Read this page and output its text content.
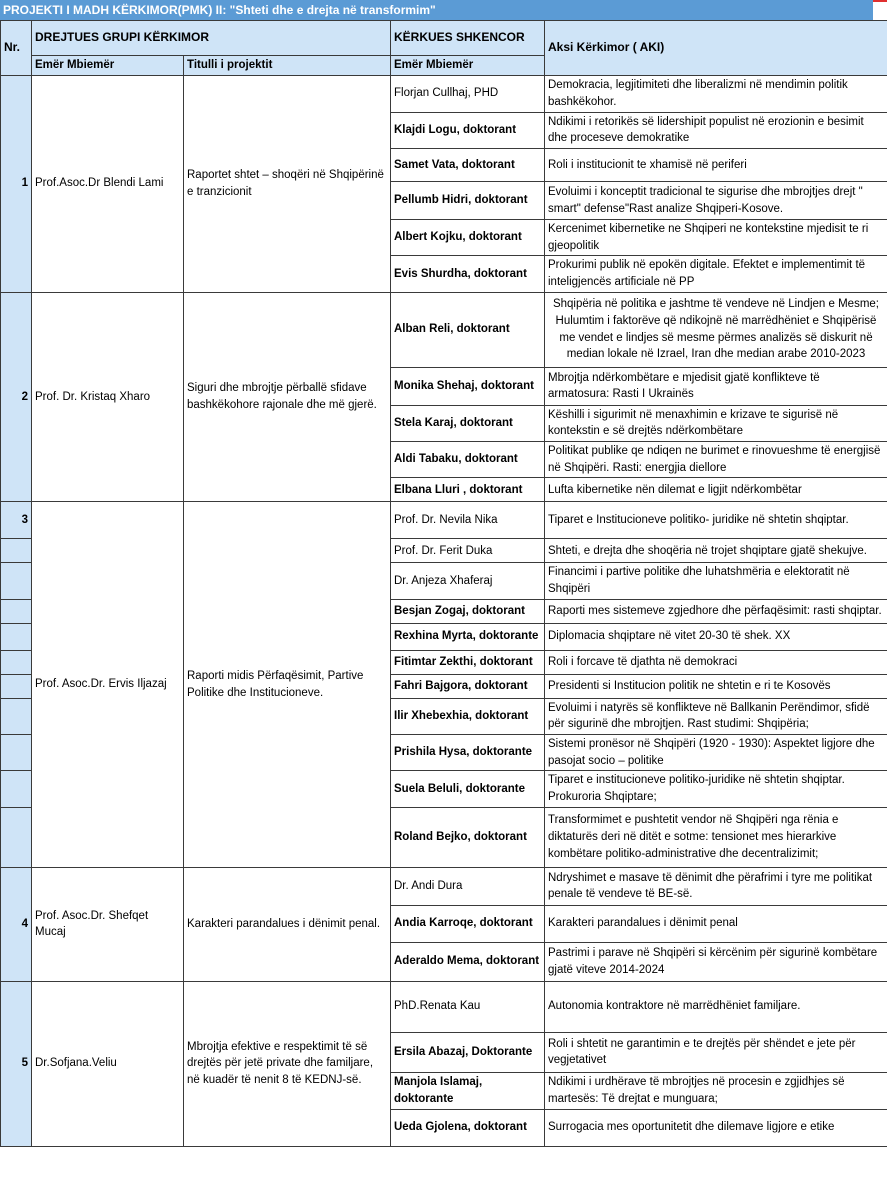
PROJEKTI I MADH KËRKIMOR(PMK) II: "Shteti dhe e drejta në transformim"
Nr.	DREJTUES GRUPI KËRKIMOR		KËRKUES SHKENCOR	Aksi Kërkimor ( AKI)
	Emër Mbiemër	Titulli i projektit	Emër Mbiemër	
1	Prof.Asoc.Dr Blendi Lami	Raportet shtet – shoqëri në Shqipërinë e tranzicionit	Florjan Cullhaj, PHD	Demokracia, legjitimiteti dhe liberalizmi në mendimin politik bashkëkohor.
			Klajdi Logu, doktorant	Ndikimi i retorikës së lidershipit populist në erozionin e besimit dhe proceseve demokratike
			Samet Vata, doktorant	Roli i institucionit te xhamisë në periferi
			Pellumb Hidri, doktorant	Evoluimi i konceptit tradicional te sigurise dhe mbrojtjes drejt " smart" defense"Rast analize Shqiperi-Kosove.
			Albert Kojku, doktorant	Kercenimet kibernetike ne Shqiperi ne kontekstine mjedisit te ri gjeopolitik
			Evis Shurdha, doktorant	Prokurimi publik në epokën digitale. Efektet e implementimit të inteligjencës artificiale në PP
2	Prof. Dr. Kristaq Xharo	Siguri dhe mbrojtje përballë sfidave bashkëkohore rajonale dhe më gjerë.	Alban Reli, doktorant	Shqipëria në politika e jashtme të vendeve në Lindjen e Mesme; Hulumtim i faktorëve që ndikojnë në marrëdhëniet e Shqipërisë me vendet e lindjes së mesme përmes analizës së diskurit në median lokale në Izrael, Iran dhe median arabe 2010-2023
			Monika Shehaj, doktorant	Mbrojtja ndërkombëtare e mjedisit gjatë konfliktеve të armatosura: Rasti I Ukrainës
			Stela Karaj, doktorant	Këshilli i sigurimit në menaxhimin e krizave te sigurisë në kontekstin e së drejtës ndërkombëtare
			Aldi Tabaku, doktorant	Politikat publike qe ndiqen ne burimet e rinovueshme të energjisë në Shqipëri. Rasti: energjia diellore
			Elbana Lluri , doktorant	Lufta kibernetike nën dilemat e ligjit ndërkombëtar
3	Prof. Asoc.Dr. Ervis Iljazaj	Raporti midis Përfaqësimit, Partive Politike dhe Institucioneve.	Prof. Dr. Nevila Nika	Tiparet e Institucioneve politiko- juridike në shtetin shqiptar.
			Prof. Dr. Ferit Duka	Shteti, e drejta dhe shoqëria në trojet shqiptare gjatë shekujve.
			Dr. Anjeza Xhaferaj	Financimi i partive politike dhe luhatshmëria e elektoratit në Shqipëri
			Besjan Zogaj, doktorant	Raporti mes sistemeve zgjedhore dhe përfaqësimit: rasti shqiptar.
			Rexhina Myrta, doktorante	Diplomacia shqiptare në vitet 20-30 të shek. XX
			Fitimtar Zekthi, doktorant	Roli i forcave të djathta në demokraci
			Fahri Bajgora, doktorant	Presidenti si Institucion politik ne shtetin e ri te Kosovës
			Ilir Xhebexhia, doktorant	Evoluimi i natyrës së konfliktеve në Ballkanin Perëndimor, sfidë për sigurinë dhe mbrojtjen. Rast studimi: Shqipëria;
			Prishila Hysa, doktorante	Sistemi pronësor në Shqipëri (1920 - 1930): Aspektet ligjore dhe pasojat socio – politike
			Suela Beluli, doktorante	Tiparet e institucioneve politiko-juridike në shtetin shqiptar. Prokuroria Shqiptare;
			Roland Bejko, doktorant	Transformimet e pushtetit vendor në Shqipëri nga rënia e diktaturës deri në ditët e sotme: tensionet mes hierarkive kombëtare politiko-administrative dhe decentralizimit;
4	Prof. Asoc.Dr. Shefqet Mucaj	Karakteri parandalues i dënimit penal.	Dr. Andi Dura	Ndryshimet e masave të dënimit dhe përafrimi i tyre me politikat penale të vendeve të BE-së.
			Andia Karroqe, doktorant	Karakteri parandalues i dënimit penal
			Aderaldo Mema, doktorant	Pastrimi i parave në Shqipëri si kërcënim për sigurinë kombëtare gjatë viteve 2014-2024
5	Dr.Sofjana.Veliu	Mbrojtja efektive e respektimit të së drejtës për jetë private dhe familjare, në kuadër të nenit 8 të KEDNJ-së.	PhD.Renata Kau	Autonomia kontraktore në marrëdhëniet familjare.
			Ersila Abazaj, Doktorante	Roli i shtetit ne garantimin e te drejtës për shëndet e jete për vegjetativet
			Manjola Islamaj, doktorante	Ndikimi i urdhërave të mbrojtjes në procesin e zgjidhjes së martesës: Të drejtat e munguara;
			Ueda Gjolena, doktorant	Surrogacia mes oportunitetit dhe dilemave ligjore e etike
